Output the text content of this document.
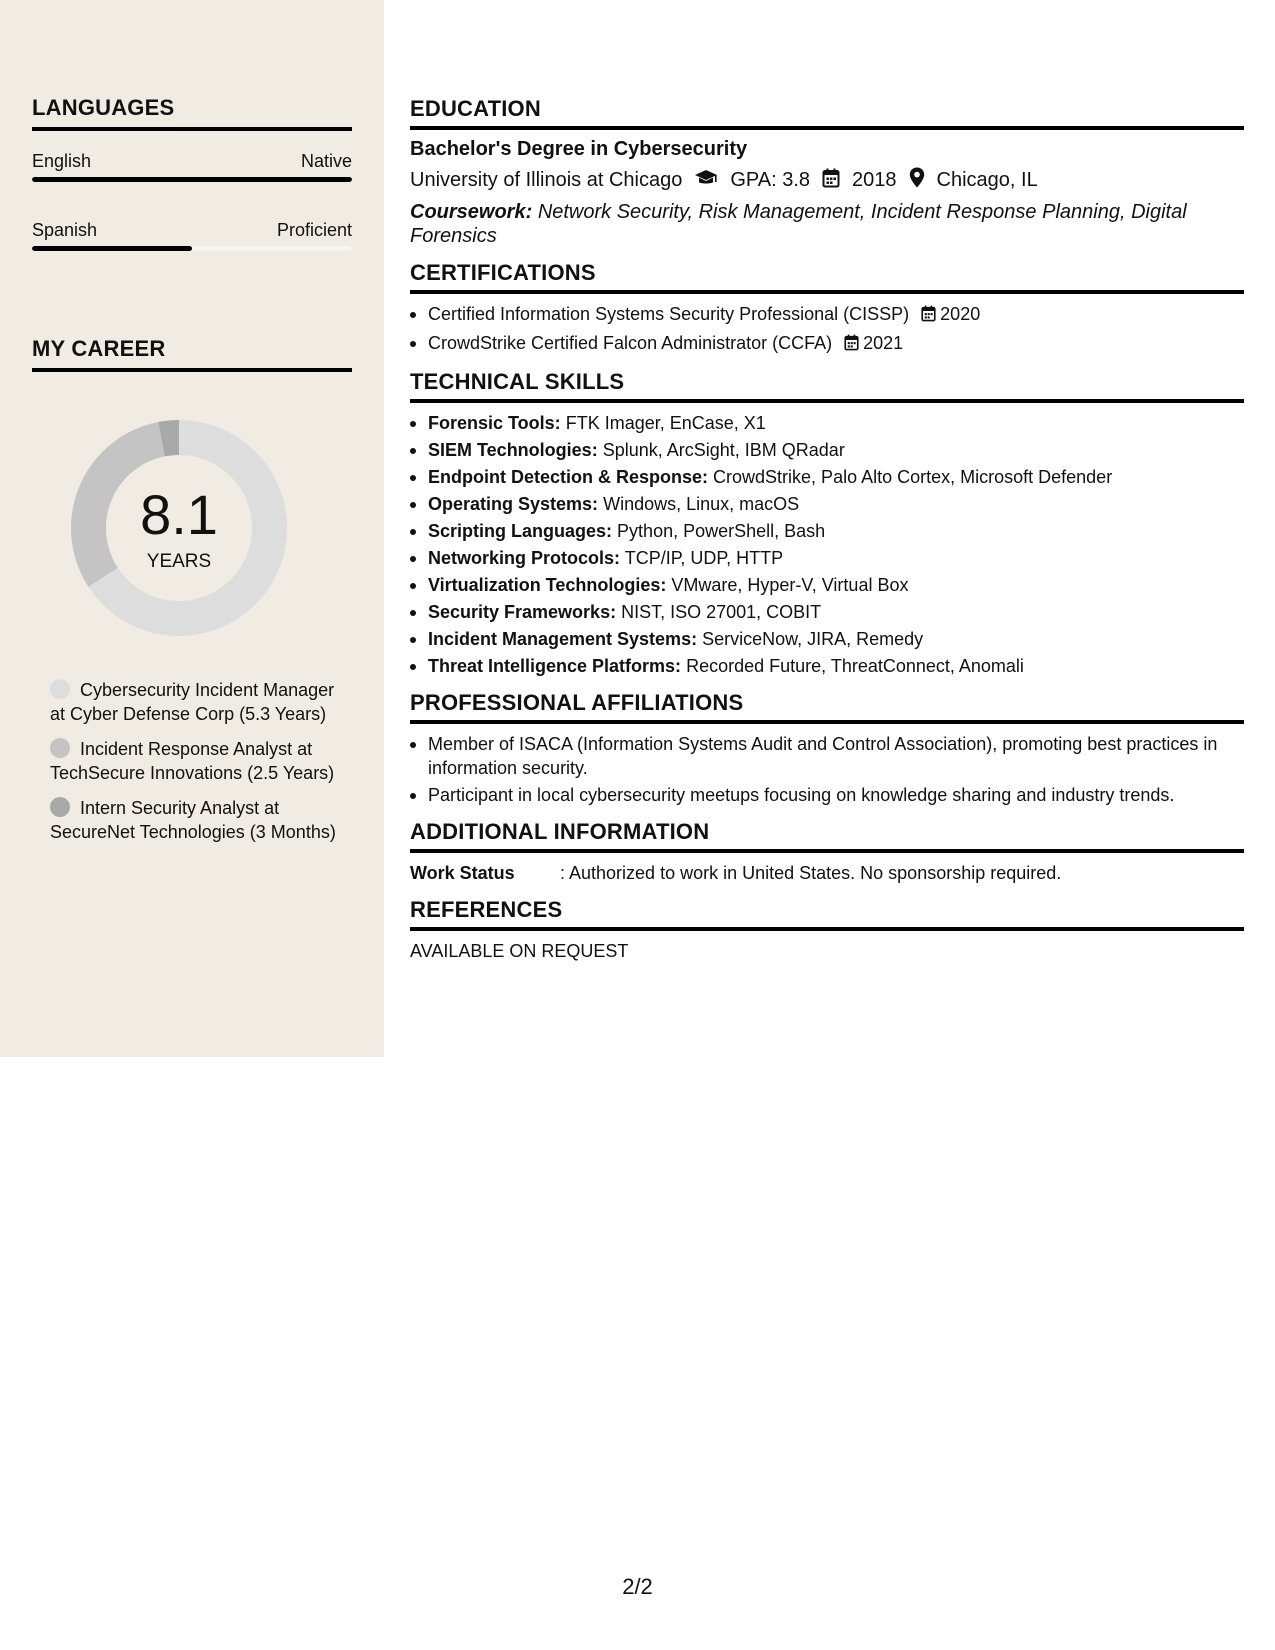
LANGUAGES
English	Native
Spanish	Proficient
MY CAREER
8.1
YEARS
Cybersecurity Incident Manager at Cyber Defense Corp (5.3 Years)
Incident Response Analyst at TechSecure Innovations (2.5 Years)
Intern Security Analyst at SecureNet Technologies (3 Months)
EDUCATION
Bachelor's Degree in Cybersecurity
University of Illinois at Chicago GPA: 3.8 2018 Chicago, IL
Coursework: Network Security, Risk Management, Incident Response Planning, Digital Forensics
CERTIFICATIONS
Certified Information Systems Security Professional (CISSP) 2020
CrowdStrike Certified Falcon Administrator (CCFA) 2021
TECHNICAL SKILLS
Forensic Tools: FTK Imager, EnCase, X1
SIEM Technologies: Splunk, ArcSight, IBM QRadar
Endpoint Detection & Response: CrowdStrike, Palo Alto Cortex, Microsoft Defender
Operating Systems: Windows, Linux, macOS
Scripting Languages: Python, PowerShell, Bash
Networking Protocols: TCP/IP, UDP, HTTP
Virtualization Technologies: VMware, Hyper-V, Virtual Box
Security Frameworks: NIST, ISO 27001, COBIT
Incident Management Systems: ServiceNow, JIRA, Remedy
Threat Intelligence Platforms: Recorded Future, ThreatConnect, Anomali
PROFESSIONAL AFFILIATIONS
Member of ISACA (Information Systems Audit and Control Association), promoting best practices in information security.
Participant in local cybersecurity meetups focusing on knowledge sharing and industry trends.
ADDITIONAL INFORMATION
Work Status	: Authorized to work in United States. No sponsorship required.
REFERENCES
AVAILABLE ON REQUEST
2/2
